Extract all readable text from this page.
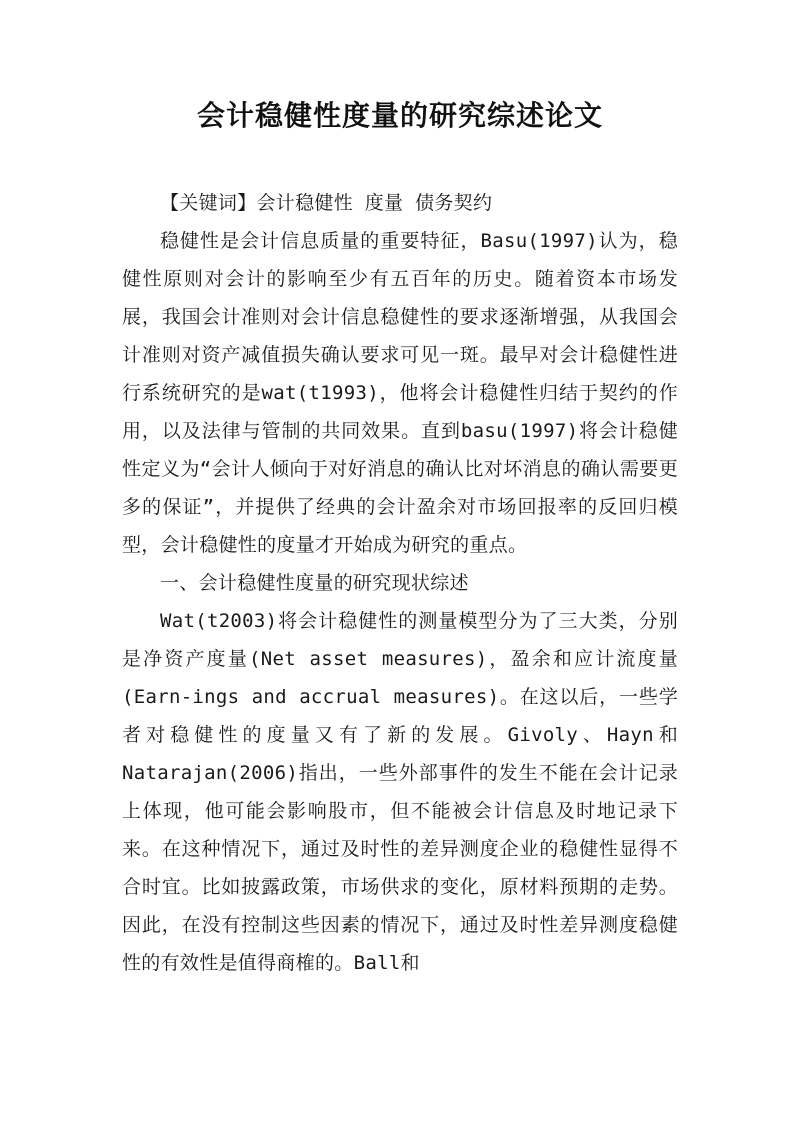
会计稳健性度量的研究综述论文

【关键词】会计稳健性 度量 债务契约

稳健性是会计信息质量的重要特征，Basu(1997)认为，稳健性原则对会计的影响至少有五百年的历史。随着资本市场发展，我国会计准则对会计信息稳健性的要求逐渐增强，从我国会计准则对资产减值损失确认要求可见一斑。最早对会计稳健性进行系统研究的是wat(t1993)，他将会计稳健性归结于契约的作用，以及法律与管制的共同效果。直到basu(1997)将会计稳健性定义为“会计人倾向于对好消息的确认比对坏消息的确认需要更多的保证”，并提供了经典的会计盈余对市场回报率的反回归模型，会计稳健性的度量才开始成为研究的重点。

一、会计稳健性度量的研究现状综述

Wat(t2003)将会计稳健性的测量模型分为了三大类，分别是净资产度量(Net asset measures)，盈余和应计流度量(Earn-ings and accrual measures)。在这以后，一些学者对稳健性的度量又有了新的发展。Givoly、Hayn和Natarajan(2006)指出，一些外部事件的发生不能在会计记录上体现，他可能会影响股市，但不能被会计信息及时地记录下来。在这种情况下，通过及时性的差异测度企业的稳健性显得不合时宜。比如披露政策，市场供求的变化，原材料预期的走势。因此，在没有控制这些因素的情况下，通过及时性差异测度稳健性的有效性是值得商榷的。Ball和
